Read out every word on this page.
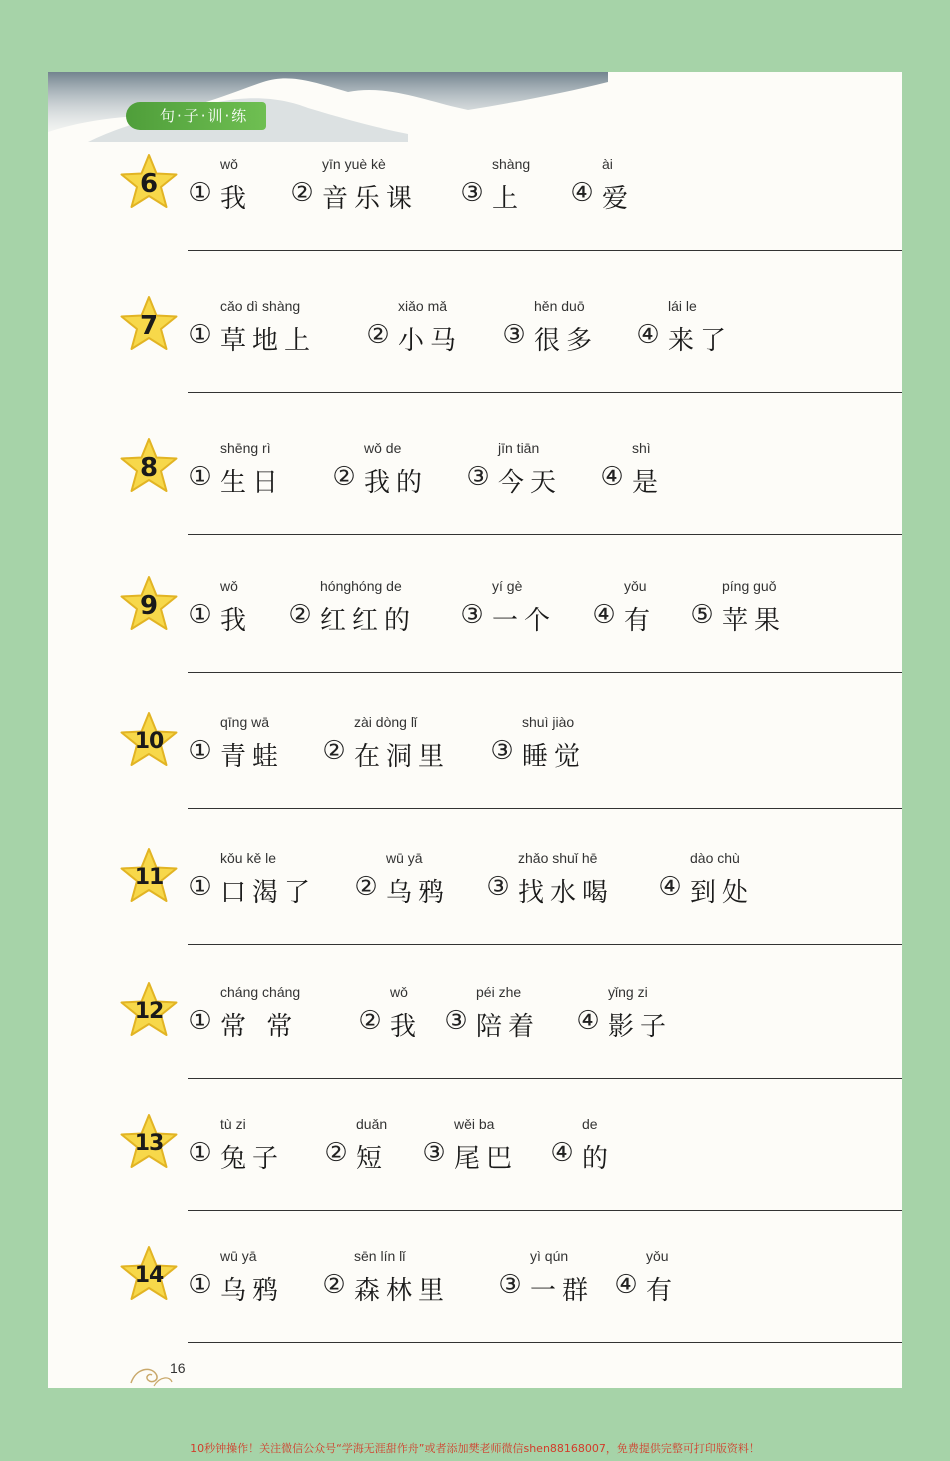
句·子·训·练
6
wǒ
① 我
yīn yuè kè
② 音乐课
shàng
③ 上
ài
④ 爱
7
cǎo dì shàng
① 草地上
xiǎo mǎ
② 小马
hěn duō
③ 很多
lái le
④ 来了
8
shēng rì
① 生日
wǒ de
② 我的
jīn tiān
③ 今天
shì
④ 是
9
wǒ
① 我
hónghóng de
② 红红的
yí gè
③ 一个
yǒu
④ 有
píng guǒ
⑤ 苹果
10
qīng wā
① 青蛙
zài dòng lǐ
② 在洞里
shuì jiào
③ 睡觉
11
kǒu kě le
① 口渴了
wū yā
② 乌鸦
zhǎo shuǐ hē
③ 找水喝
dào chù
④ 到处
12
cháng cháng
① 常 常
wǒ
② 我
péi zhe
③ 陪着
yǐng zi
④ 影子
13
tù zi
① 兔子
duǎn
② 短
wěi ba
③ 尾巴
de
④ 的
14
wū yā
① 乌鸦
sēn lín lǐ
② 森林里
yì qún
③ 一群
yǒu
④ 有
16
10秒钟操作！关注微信公众号“学海无涯甜作舟”或者添加樊老师微信shen88168007，免费提供完整可打印版资料！
